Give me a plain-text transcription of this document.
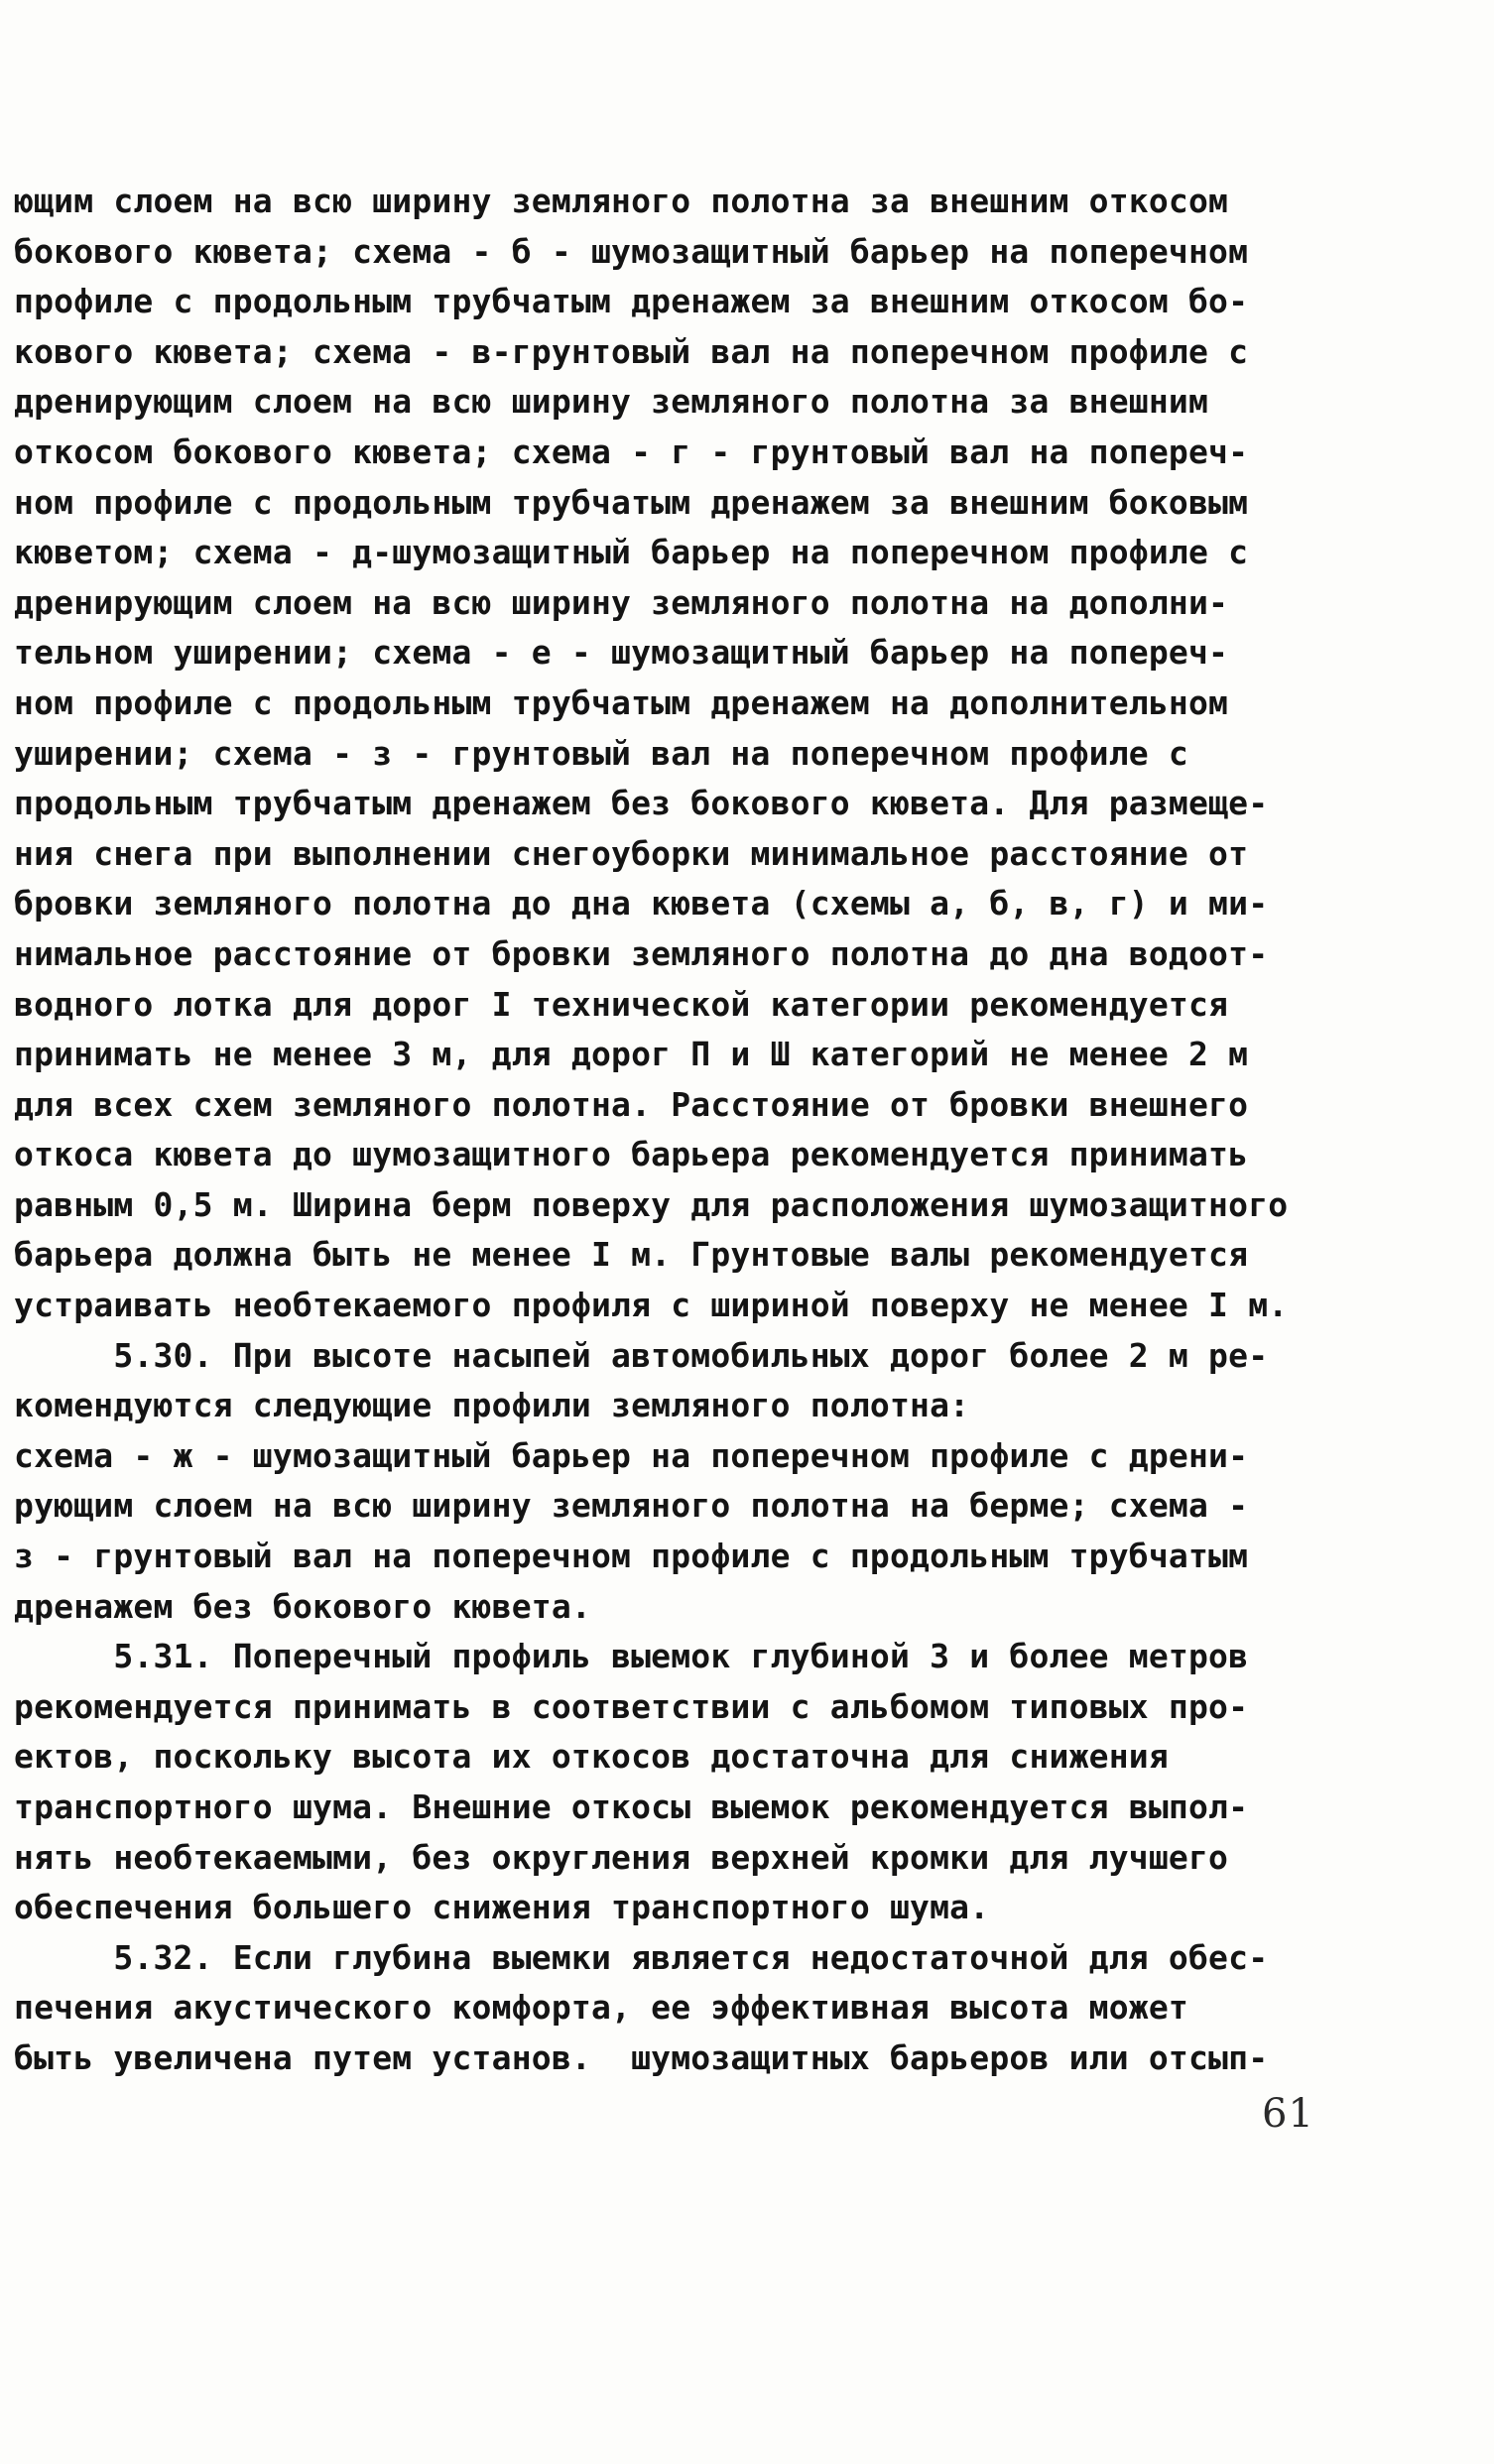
ющим слоем на всю ширину земляного полотна за внешним откосом
бокового кювета; схема - б - шумозащитный барьер на поперечном
профиле с продольным трубчатым дренажем за внешним откосом бо-
кового кювета; схема - в-грунтовый вал на поперечном профиле с
дренирующим слоем на всю ширину земляного полотна за внешним
откосом бокового кювета; схема - г - грунтовый вал на попереч-
ном профиле с продольным трубчатым дренажем за внешним боковым
кюветом; схема - д-шумозащитный барьер на поперечном профиле с
дренирующим слоем на всю ширину земляного полотна на дополни-
тельном уширении; схема - е - шумозащитный барьер на попереч-
ном профиле с продольным трубчатым дренажем на дополнительном
уширении; схема - з - грунтовый вал на поперечном профиле с
продольным трубчатым дренажем без бокового кювета. Для размеще-
ния снега при выполнении снегоуборки минимальное расстояние от
бровки земляного полотна до дна кювета (схемы а, б, в, г) и ми-
нимальное расстояние от бровки земляного полотна до дна водоот-
водного лотка для дорог I технической категории рекомендуется
принимать не менее 3 м, для дорог П и Ш категорий не менее 2 м
для всех схем земляного полотна. Расстояние от бровки внешнего
откоса кювета до шумозащитного барьера рекомендуется принимать
равным 0,5 м. Ширина берм поверху для расположения шумозащитного
барьера должна быть не менее I м. Грунтовые валы рекомендуется
устраивать необтекаемого профиля с шириной поверху не менее I м.
5.30. При высоте насыпей автомобильных дорог более 2 м ре-
комендуются следующие профили земляного полотна:
схема - ж - шумозащитный барьер на поперечном профиле с дрени-
рующим слоем на всю ширину земляного полотна на берме; схема -
з - грунтовый вал на поперечном профиле с продольным трубчатым
дренажем без бокового кювета.
5.31. Поперечный профиль выемок глубиной 3 и более метров
рекомендуется принимать в соответствии с альбомом типовых про-
ектов, поскольку высота их откосов достаточна для снижения
транспортного шума. Внешние откосы выемок рекомендуется выпол-
нять необтекаемыми, без округления верхней кромки для лучшего
обеспечения большего снижения транспортного шума.
5.32. Если глубина выемки является недостаточной для обес-
печения акустического комфорта, ее эффективная высота может
быть увеличена путем установ.  шумозащитных барьеров или отсып-
61
